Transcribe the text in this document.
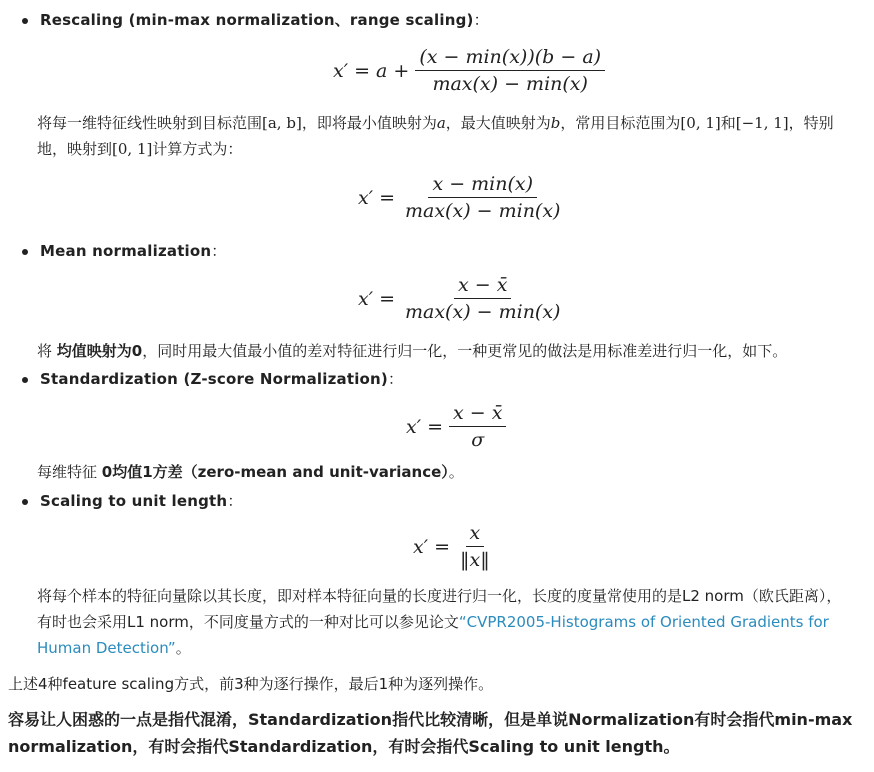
Rescaling (min-max normalization、range scaling)：
$x' = a + \frac{(x - \min(x))(b - a)}{\max(x) - \min(x)}$
将每一维特征线性映射到目标范围[a, b]，即将最小值映射为a，最大值映射为b，常用目标范围为[0, 1]和[−1, 1]，特别地，映射到[0, 1]计算方式为：
$x' = \frac{x - \min(x)}{\max(x) - \min(x)}$
Mean normalization：
$x' = \frac{x - x̄}{\max(x) - \min(x)}$
将 均值映射为0，同时用最大值最小值的差对特征进行归一化，一种更常见的做法是用标准差进行归一化，如下。
Standardization (Z-score Normalization)：
$x' = \frac{x - x̄}{\sigma}$
每维特征 0均值1方差（zero-mean and unit-variance）。
Scaling to unit length：
$x' = \frac{x}{‖x‖}$
将每个样本的特征向量除以其长度，即对样本特征向量的长度进行归一化，长度的度量常使用的是L2 norm（欧氏距离），有时也会采用L1 norm，不同度量方式的一种对比可以参见论文“CVPR2005-Histograms of Oriented Gradients for Human Detection”。
上述4种feature scaling方式，前3种为逐行操作，最后1种为逐列操作。
容易让人困惑的一点是指代混淆，Standardization指代比较清晰，但是单说Normalization有时会指代min-max normalization，有时会指代Standardization，有时会指代Scaling to unit length。
